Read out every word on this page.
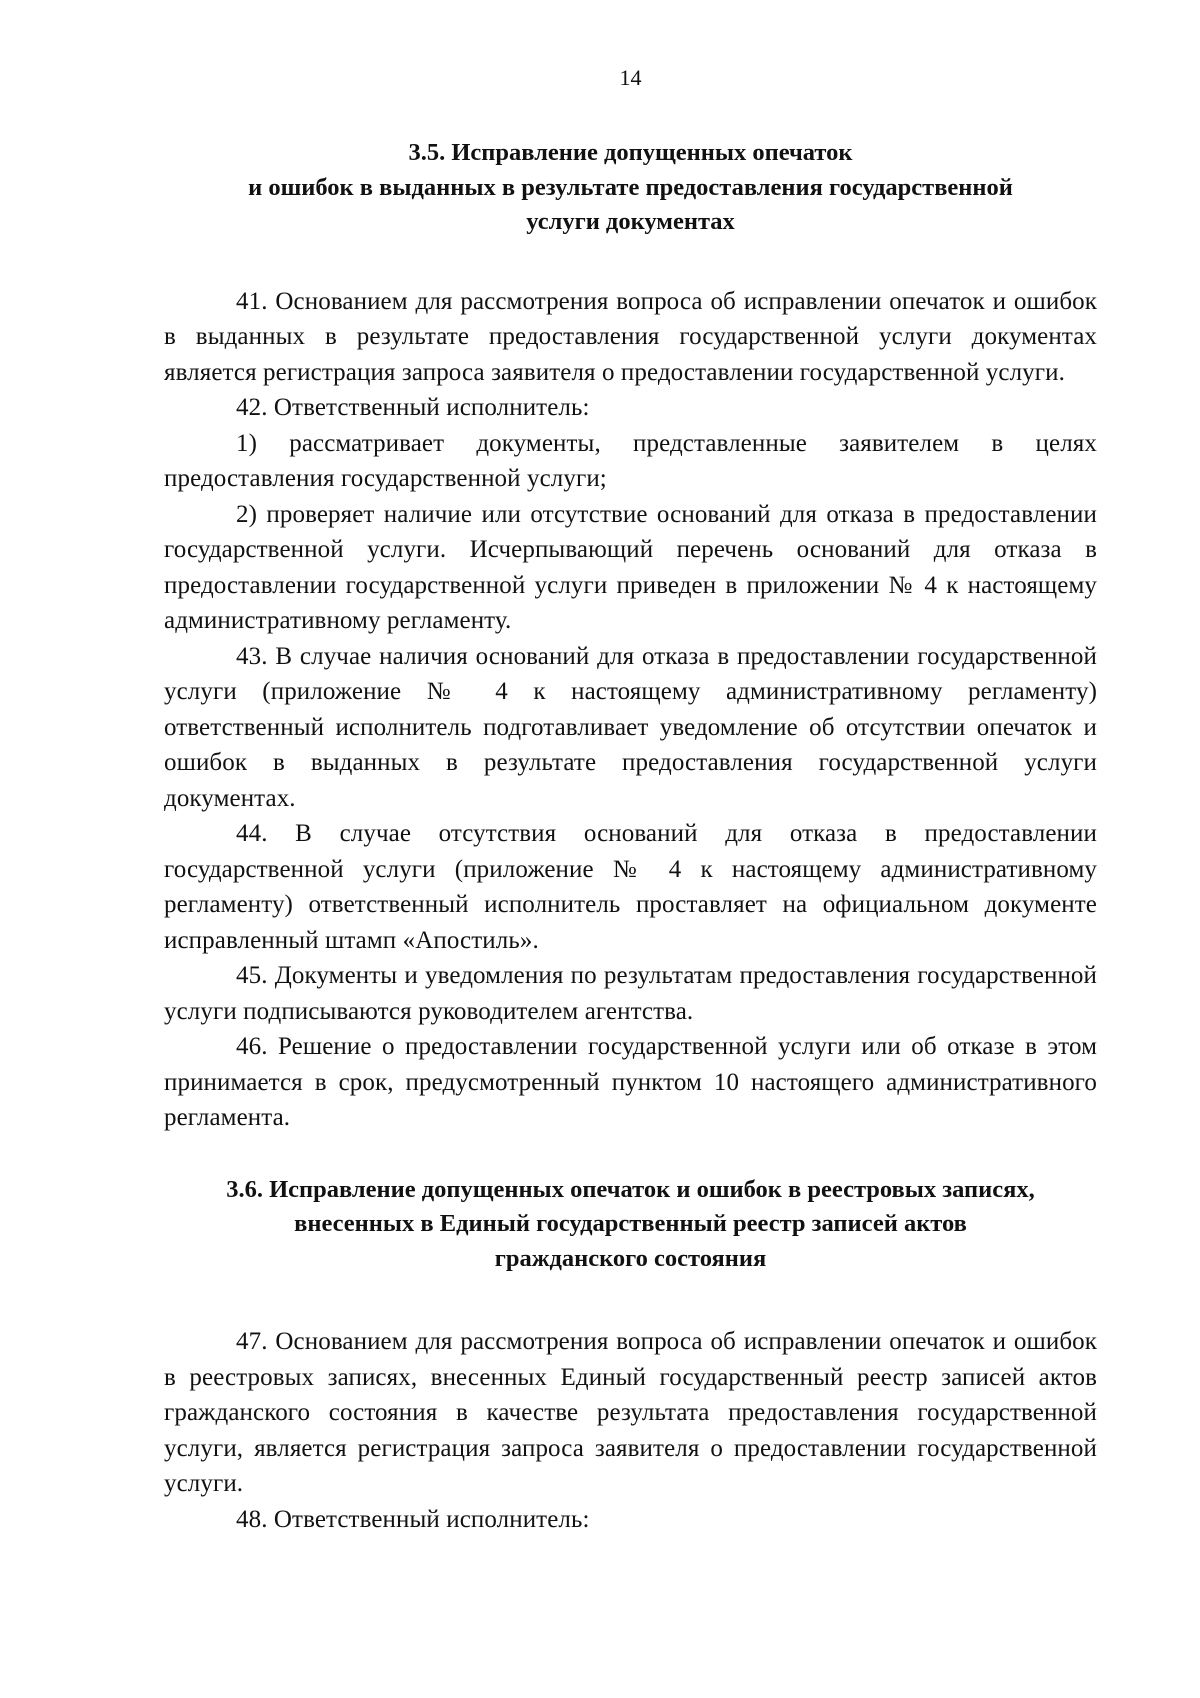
14
3.5. Исправление допущенных опечаток
и ошибок в выданных в результате предоставления государственной
услуги документах

41. Основанием для рассмотрения вопроса об исправлении опечаток и ошибок в выданных в результате предоставления государственной услуги документах является регистрация запроса заявителя о предоставлении государственной услуги.

42. Ответственный исполнитель:

1) рассматривает документы, представленные заявителем в целях предоставления государственной услуги;

2) проверяет наличие или отсутствие оснований для отказа в предоставлении государственной услуги. Исчерпывающий перечень оснований для отказа в предоставлении государственной услуги приведен в приложении № 4 к настоящему административному регламенту.

43. В случае наличия оснований для отказа в предоставлении государственной услуги (приложение № 4 к настоящему административному регламенту) ответственный исполнитель подготавливает уведомление об отсутствии опечаток и ошибок в выданных в результате предоставления государственной услуги документах.

44. В случае отсутствия оснований для отказа в предоставлении государственной услуги (приложение № 4 к настоящему административному регламенту) ответственный исполнитель проставляет на официальном документе исправленный штамп «Апостиль».

45. Документы и уведомления по результатам предоставления государственной услуги подписываются руководителем агентства.

46. Решение о предоставлении государственной услуги или об отказе в этом принимается в срок, предусмотренный пунктом 10 настоящего административного регламента.

3.6. Исправление допущенных опечаток и ошибок в реестровых записях,
внесенных в Единый государственный реестр записей актов
гражданского состояния

47. Основанием для рассмотрения вопроса об исправлении опечаток и ошибок в реестровых записях, внесенных Единый государственный реестр записей актов гражданского состояния в качестве результата предоставления государственной услуги, является регистрация запроса заявителя о предоставлении государственной услуги.

48. Ответственный исполнитель:
